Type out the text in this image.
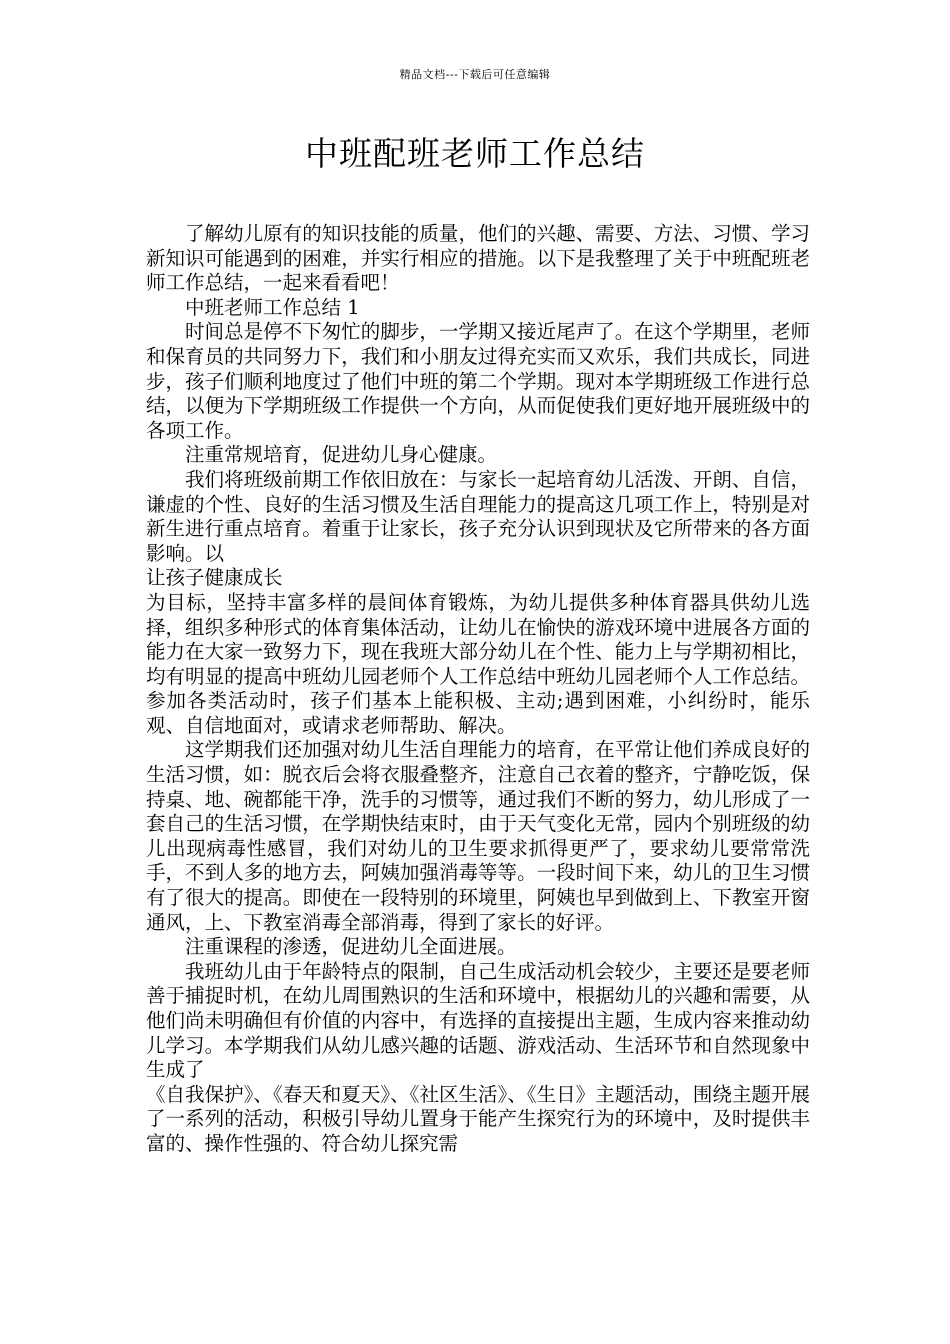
精品文档---下载后可任意编辑
中班配班老师工作总结

了解幼儿原有的知识技能的质量，他们的兴趣、需要、方法、习惯、学习新知识可能遇到的困难，并实行相应的措施。以下是我整理了关于中班配班老师工作总结，一起来看看吧！

中班老师工作总结 1

时间总是停不下匆忙的脚步，一学期又接近尾声了。在这个学期里，老师和保育员的共同努力下，我们和小朋友过得充实而又欢乐，我们共成长，同进步，孩子们顺利地度过了他们中班的第二个学期。现对本学期班级工作进行总结，以便为下学期班级工作提供一个方向，从而促使我们更好地开展班级中的各项工作。

注重常规培育，促进幼儿身心健康。

我们将班级前期工作依旧放在：与家长一起培育幼儿活泼、开朗、自信，谦虚的个性、良好的生活习惯及生活自理能力的提高这几项工作上，特别是对新生进行重点培育。着重于让家长，孩子充分认识到现状及它所带来的各方面影响。以

让孩子健康成长

为目标，坚持丰富多样的晨间体育锻炼，为幼儿提供多种体育器具供幼儿选择，组织多种形式的体育集体活动，让幼儿在愉快的游戏环境中进展各方面的能力在大家一致努力下，现在我班大部分幼儿在个性、能力上与学期初相比，均有明显的提高中班幼儿园老师个人工作总结中班幼儿园老师个人工作总结。参加各类活动时，孩子们基本上能积极、主动;遇到困难，小纠纷时，能乐观、自信地面对，或请求老师帮助、解决。

这学期我们还加强对幼儿生活自理能力的培育，在平常让他们养成良好的生活习惯，如：脱衣后会将衣服叠整齐，注意自己衣着的整齐，宁静吃饭，保持桌、地、碗都能干净，洗手的习惯等，通过我们不断的努力，幼儿形成了一套自己的生活习惯，在学期快结束时，由于天气变化无常，园内个别班级的幼儿出现病毒性感冒，我们对幼儿的卫生要求抓得更严了，要求幼儿要常常洗手，不到人多的地方去，阿姨加强消毒等等。一段时间下来，幼儿的卫生习惯有了很大的提高。即使在一段特别的环境里，阿姨也早到做到上、下教室开窗通风，上、下教室消毒全部消毒，得到了家长的好评。

注重课程的渗透，促进幼儿全面进展。

我班幼儿由于年龄特点的限制，自己生成活动机会较少，主要还是要老师善于捕捉时机，在幼儿周围熟识的生活和环境中，根据幼儿的兴趣和需要，从他们尚未明确但有价值的内容中，有选择的直接提出主题，生成内容来推动幼儿学习。本学期我们从幼儿感兴趣的话题、游戏活动、生活环节和自然现象中生成了

《自我保护》、《春天和夏天》、《社区生活》、《生日》主题活动，围绕主题开展了一系列的活动，积极引导幼儿置身于能产生探究行为的环境中，及时提供丰富的、操作性强的、符合幼儿探究需
